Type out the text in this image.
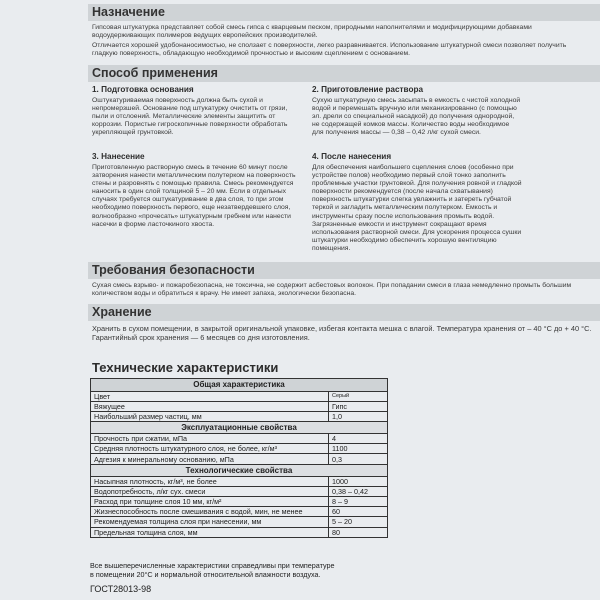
Назначение

Гипсовая штукатурка представляет собой смесь гипса с кварцевым песком, природными наполнителями и модифицирующими добавками водоудерживающих полимеров ведущих европейских производителей.

Отличается хорошей удобонаносимостью, не сползает с поверхности, легко разравнивается. Использование штукатурной смеси позволяет получить гладкую поверхность, обладающую необходимой прочностью и высоким сцеплением с основанием.

Способ применения
1. Подготовка основания

Оштукатуриваемая поверхность должна быть сухой и непромерзшей. Основание под штукатурку очистить от грязи, пыли и отслоений. Металлические элементы защитить от коррозии. Пористые гигроскопичные поверхности обработать укрепляющей грунтовкой.

2. Приготовление раствора

Сухую штукатурную смесь засыпать в емкость с чистой холодной водой и перемешать вручную или механизированно (с помощью эл. дрели со специальной насадкой) до получения однородной, не содержащей комков массы. Количество воды необходимое для получения массы — 0,38 – 0,42 л/кг сухой смеси.

3. Нанесение

Приготовленную растворную смесь в течение 60 минут после затворения нанести металлическим полутерком на поверхность стены и разровнять с помощью правила. Смесь рекомендуется наносить в один слой толщиной 5 – 20 мм. Если в отдельных случаях требуется оштукатуривание в два слоя, то при этом необходимо поверхность первого, еще незатвердевшего слоя, волнообразно «прочесать» штукатурным гребнем или нанести насечки в форме ласточкиного хвоста.

4. После нанесения

Для обеспечения наибольшего сцепления слоев (особенно при устройстве полов) необходимо первый слой тонко заполнить проблемные участки грунтовкой. Для получения ровной и гладкой поверхности рекомендуется (после начала схватывания) поверхность штукатурки слегка увлажнить и затереть губчатой теркой и загладить металлическим полутерком. Емкость и инструменты сразу после использования промыть водой. Загрязненные емкости и инструмент сокращают время использования растворной смеси. Для ускорения процесса сушки штукатурки необходимо обеспечить хорошую вентиляцию помещения.

Требования безопасности

Сухая смесь взрыво- и пожаробезопасна, не токсична, не содержит асбестовых волокон. При попадании смеси в глаза немедленно промыть большим количеством воды и обратиться к врачу. Не имеет запаха, экологически безопасна.

Хранение

Хранить в сухом помещении, в закрытой оригинальной упаковке, избегая контакта мешка с влагой. Температура хранения от – 40 °С до + 40 °С. Гарантийный срок хранения — 6 месяцев со дня изготовления.

Технические характеристики
Общая характеристика	
Цвет	Серый
Вяжущее	Гипс
Наибольший размер частиц, мм	1,0
Эксплуатационные свойства	
Прочность при сжатии, мПа	4
Средняя плотность штукатурного слоя, не более, кг/м³	1100
Адгезия к минеральному основанию, мПа	0,3
Технологические свойства	
Насыпная плотность, кг/м³, не более	1000
Водопотребность, л/кг сух. смеси	0,38 – 0,42
Расход при толщине слоя 10 мм, кг/м²	8 – 9
Жизнеспособность после смешивания с водой, мин, не менее	60
Рекомендуемая толщина слоя при нанесении, мм	5 – 20
Предельная толщина слоя, мм	80
Все вышеперечисленные характеристики справедливы при температуре
в помещении 20°С и нормальной относительной влажности воздуха.
ГОСТ28013-98
